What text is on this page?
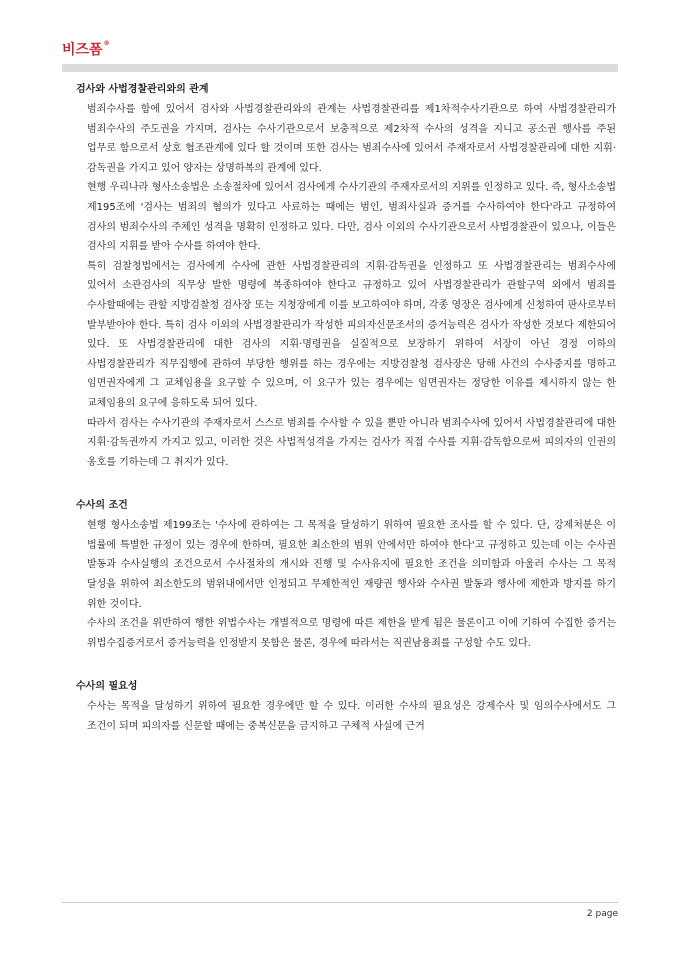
비즈폼®
검사와 사법경찰관리와의 관계

범죄수사를 함에 있어서 검사와 사법경찰관리와의 관계는 사법경찰관리를 제1차적수사기관으로 하여 사법경찰관리가 범죄수사의 주도권을 가지며, 검사는 수사기관으로서 보충적으로 제2차적 수사의 성격을 지니고 공소권 행사를 주된 업무로 함으로서 상호 협조관계에 있다 할 것이며 또한 검사는 범죄수사에 있어서 주재자로서 사법경찰관리에 대한 지휘·감독권을 가지고 있어 양자는 상명하복의 관계에 있다.

현행 우리나라 형사소송법은 소송절차에 있어서 검사에게 수사기관의 주재자로서의 지위를 인정하고 있다. 즉, 형사소송법 제195조에 '검사는 범죄의 혐의가 있다고 사료하는 때에는 범인, 범죄사실과 증거를 수사하여야 한다'라고 규정하여 검사의 범죄수사의 주체인 성격을 명확히 인정하고 있다. 다만, 검사 이외의 수사기관으로서 사법경찰관이 있으나, 이들은 검사의 지휘를 받아 수사를 하여야 한다.

특히 검찰청법에서는 검사에게 수사에 관한 사법경찰관리의 지휘·감독권을 인정하고 또 사법경찰관리는 범죄수사에 있어서 소관검사의 직무상 발한 명령에 복종하여야 한다고 규정하고 있어 사법경찰관리가 관할구역 외에서 범죄를 수사할때에는 관할 지방검찰청 검사장 또는 지청장에게 이를 보고하여야 하며, 각종 영장은 검사에게 신청하여 판사로부터 발부받아야 한다. 특히 검사 이외의 사법경찰관리가 작성한 피의자신문조서의 증거능력은 검사가 작성한 것보다 제한되어 있다. 또 사법경찰관리에 대한 검사의 지휘·명령권을 실질적으로 보장하기 위하여 서장이 아닌 경정 이하의 사법경찰관리가 직무집행에 관하여 부당한 행위를 하는 경우에는 지방검찰청 검사장은 당해 사건의 수사중지를 명하고 임면권자에게 그 교체임용을 요구할 수 있으며, 이 요구가 있는 경우에는 임면권자는 정당한 이유를 제시하지 않는 한 교체임용의 요구에 응하도록 되어 있다.

따라서 검사는 수사기관의 주재자로서 스스로 범죄를 수사할 수 있을 뿐만 아니라 범죄수사에 있어서 사법경찰관리에 대한 지휘·감독권까지 가지고 있고, 이러한 것은 사법적성격을 가지는 검사가 직접 수사를 지휘·감독함으로써 피의자의 인권의 옹호를 기하는데 그 취지가 있다.

수사의 조건

현행 형사소송법 제199조는 '수사에 관하여는 그 목적을 달성하기 위하여 필요한 조사를 할 수 있다. 단, 강제처분은 이 법률에 특별한 규정이 있는 경우에 한하며, 필요한 최소한의 범위 안에서만 하여야 한다'고 규정하고 있는데 이는 수사권 발동과 수사실행의 조건으로서 수사절차의 개시와 진행 및 수사유지에 필요한 조건을 의미함과 아울러 수사는 그 목적 달성을 위하여 최소한도의 범위내에서만 인정되고 무제한적인 재량권 행사와 수사권 발동과 행사에 제한과 방지를 하기 위한 것이다.

수사의 조건을 위반하여 행한 위법수사는 개별적으로 명령에 따른 제한을 받게 됨은 물론이고 이에 기하여 수집한 증거는 위법수집증거로서 증거능력을 인정받지 못함은 물론, 경우에 따라서는 직권남용죄를 구성할 수도 있다.

수사의 필요성

수사는 목적을 달성하기 위하여 필요한 경우에만 할 수 있다. 이러한 수사의 필요성은 강제수사 및 임의수사에서도 그 조건이 되며 피의자를 신문할 때에는 중복신문을 금지하고 구체적 사실에 근거

2 page
